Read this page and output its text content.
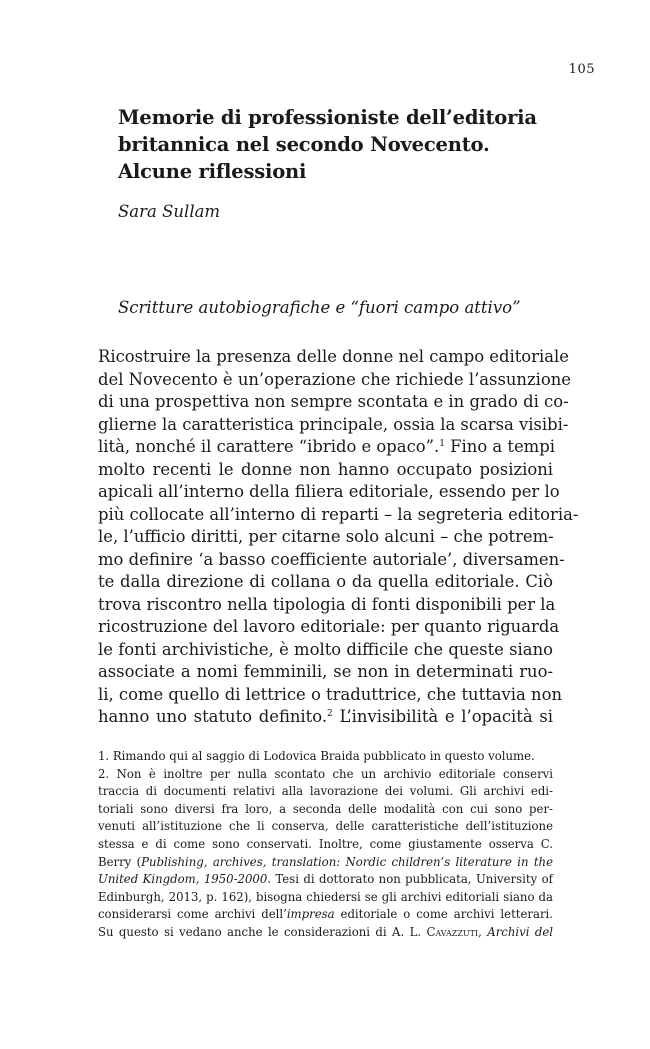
105
Memorie di professioniste dell’editoria
britannica nel secondo Novecento.
Alcune riflessioni
Sara Sullam
Scritture autobiografiche e “fuori campo attivo”
Ricostruire la presenza delle donne nel campo editoriale
del Novecento è un’operazione che richiede l’assunzione
di una prospettiva non sempre scontata e in grado di co-
glierne la caratteristica principale, ossia la scarsa visibi-
lità, nonché il carattere “ibrido e opaco”.$^1$ Fino a tempi
molto recenti le donne non hanno occupato posizioni
apicali all’interno della filiera editoriale, essendo per lo
più collocate all’interno di reparti – la segreteria editoria-
le, l’ufficio diritti, per citarne solo alcuni – che potrem-
mo definire ‘a basso coefficiente autoriale’, diversamen-
te dalla direzione di collana o da quella editoriale. Ciò
trova riscontro nella tipologia di fonti disponibili per la
ricostruzione del lavoro editoriale: per quanto riguarda
le fonti archivistiche, è molto difficile che queste siano
associate a nomi femminili, se non in determinati ruo-
li, come quello di lettrice o traduttrice, che tuttavia non
hanno uno statuto definito.$^2$ L’invisibilità e l’opacità si
1. Rimando qui al saggio di Lodovica Braida pubblicato in questo volume.
2. Non è inoltre per nulla scontato che un archivio editoriale conservi
traccia di documenti relativi alla lavorazione dei volumi. Gli archivi edi-
toriali sono diversi fra loro, a seconda delle modalità con cui sono per-
venuti all’istituzione che li conserva, delle caratteristiche dell’istituzione
stessa e di come sono conservati. Inoltre, come giustamente osserva C.
Berry (Publishing, archives, translation: Nordic children’s literature in the
United Kingdom, 1950-2000. Tesi di dottorato non pubblicata, University of
Edinburgh, 2013, p. 162), bisogna chiedersi se gli archivi editoriali siano da
considerarsi come archivi dell’impresa editoriale o come archivi letterari.
Su questo si vedano anche le considerazioni di A. L. Cavazzuti, Archivi del
